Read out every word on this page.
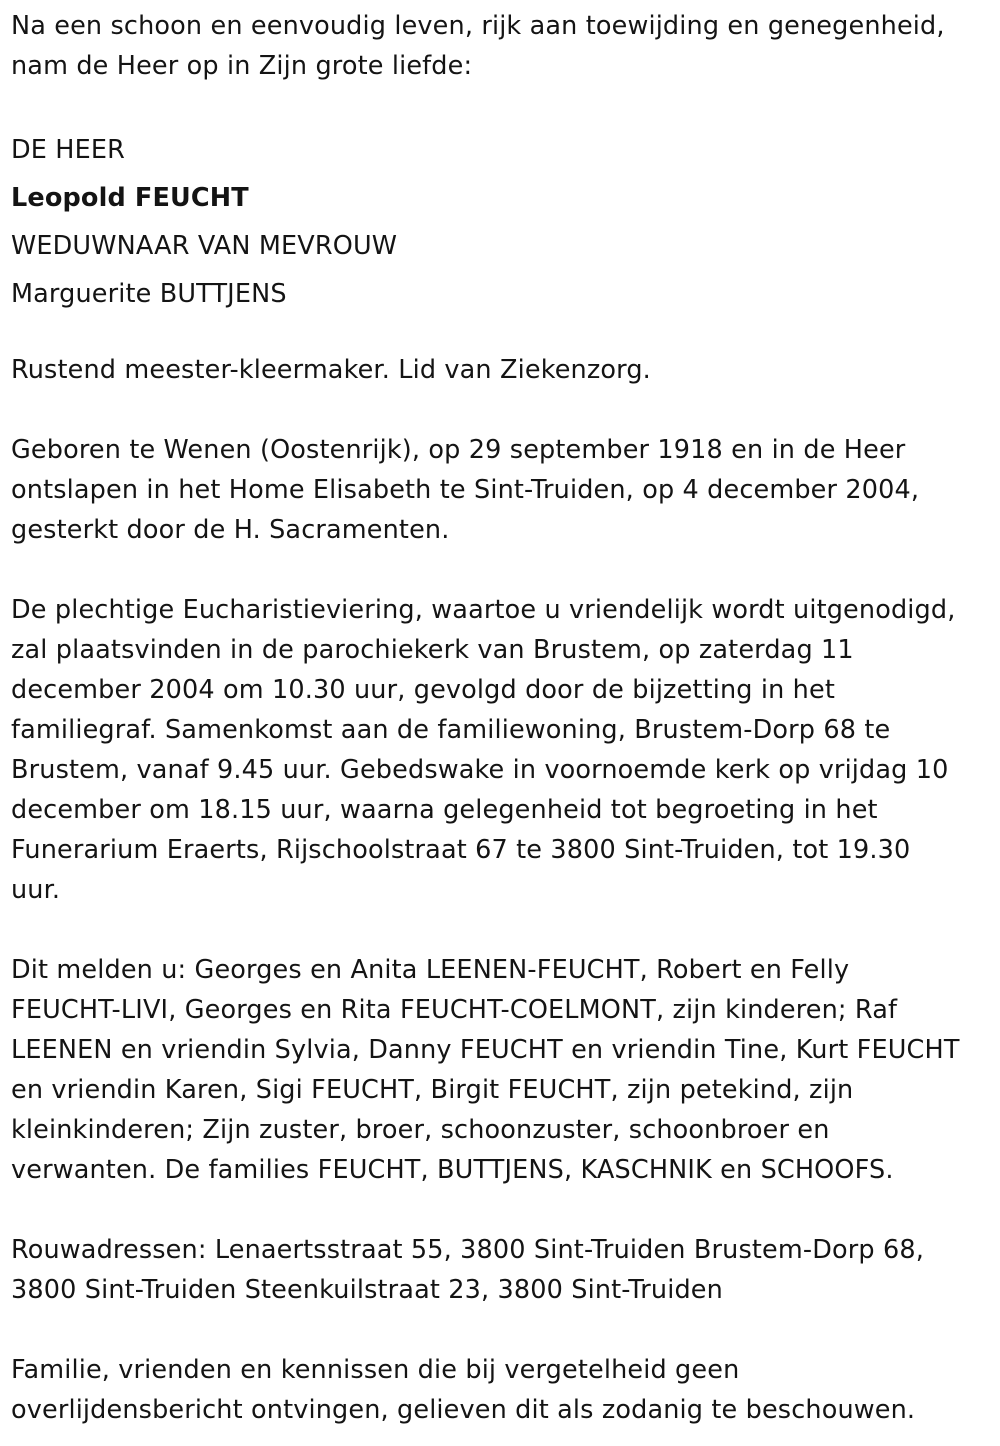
Na een schoon en eenvoudig leven, rijk aan toewijding en genegenheid,
nam de Heer op in Zijn grote liefde:

DE HEER
Leopold FEUCHT
WEDUWNAAR VAN MEVROUW
Marguerite BUTTJENS

Rustend meester-kleermaker. Lid van Ziekenzorg.

Geboren te Wenen (Oostenrijk), op 29 september 1918 en in de Heer
ontslapen in het Home Elisabeth te Sint-Truiden, op 4 december 2004,
gesterkt door de H. Sacramenten.

De plechtige Eucharistieviering, waartoe u vriendelijk wordt uitgenodigd,
zal plaatsvinden in de parochiekerk van Brustem, op zaterdag 11
december 2004 om 10.30 uur, gevolgd door de bijzetting in het
familiegraf. Samenkomst aan de familiewoning, Brustem-Dorp 68 te
Brustem, vanaf 9.45 uur. Gebedswake in voornoemde kerk op vrijdag 10
december om 18.15 uur, waarna gelegenheid tot begroeting in het
Funerarium Eraerts, Rijschoolstraat 67 te 3800 Sint-Truiden, tot 19.30
uur.

Dit melden u: Georges en Anita LEENEN-FEUCHT, Robert en Felly
FEUCHT-LIVI, Georges en Rita FEUCHT-COELMONT, zijn kinderen; Raf
LEENEN en vriendin Sylvia, Danny FEUCHT en vriendin Tine, Kurt FEUCHT
en vriendin Karen, Sigi FEUCHT, Birgit FEUCHT, zijn petekind, zijn
kleinkinderen; Zijn zuster, broer, schoonzuster, schoonbroer en
verwanten. De families FEUCHT, BUTTJENS, KASCHNIK en SCHOOFS.

Rouwadressen: Lenaertsstraat 55, 3800 Sint-Truiden Brustem-Dorp 68,
3800 Sint-Truiden Steenkuilstraat 23, 3800 Sint-Truiden

Familie, vrienden en kennissen die bij vergetelheid geen
overlijdensbericht ontvingen, gelieven dit als zodanig te beschouwen.
